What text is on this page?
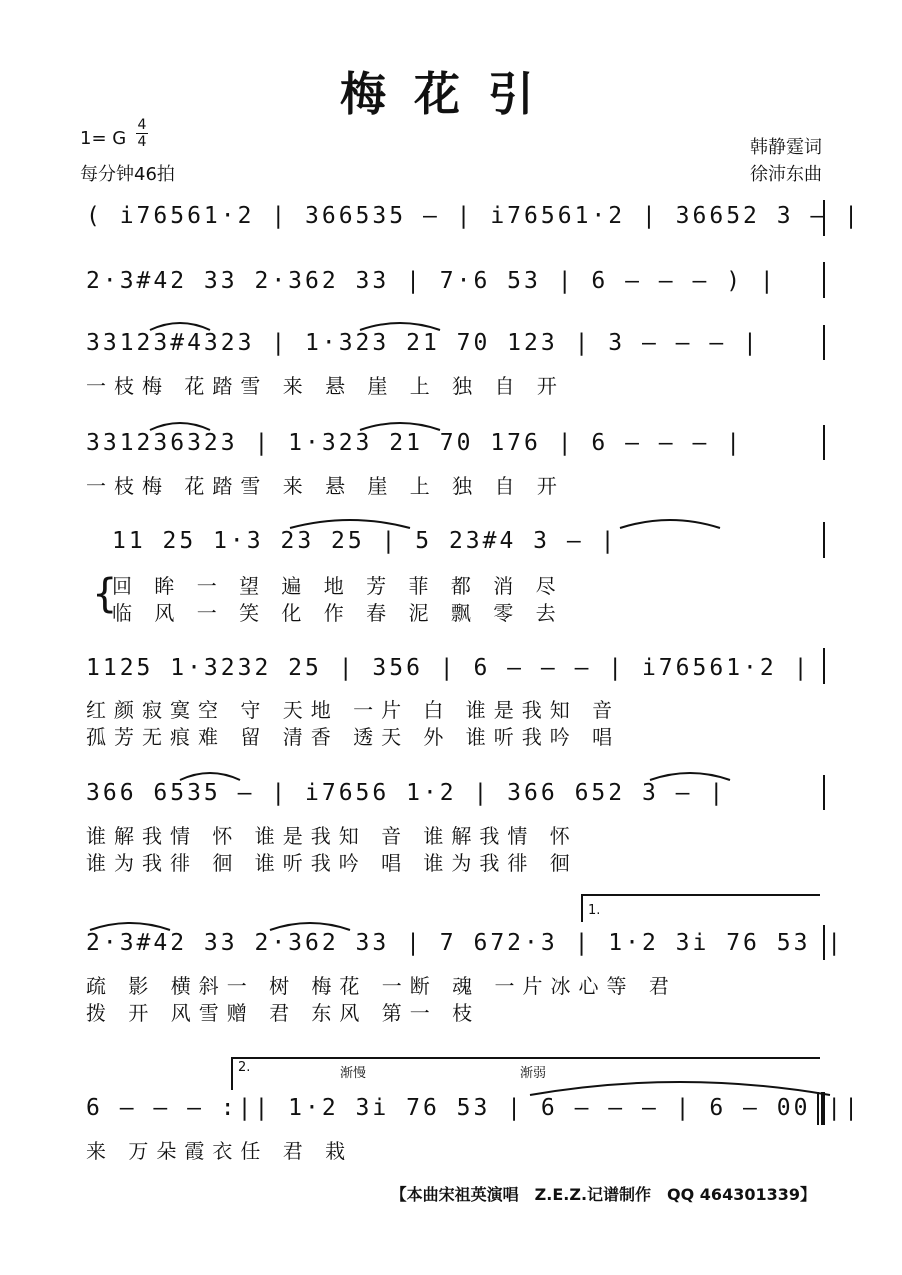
梅花引
1= G
4
4
每分钟46拍
韩静霆词
徐沛东曲
( i76561·2 | 366535 — | i76561·2 | 36652 3 — |
2·3#42 33 2·362 33 | 7·6 53 | 6 — — — ) |
33123#4323 | 1·323 21 70 123 | 3 — — — |
一枝梅 花踏雪 来 悬 崖 上 独 自 开
331236323 | 1·323 21 70 176 | 6 — — — |
一枝梅 花踏雪 来 悬 崖 上 独 自 开
11 25 1·3 23 25 | 5 23#4 3 — |
回 眸 一 望 遍 地 芳 菲 都 消 尽
临 风 一 笑 化 作 春 泥 飘 零 去
{
1125 1·3232 25 | 356 | 6 — — — | i76561·2 |
红颜寂寞空 守 天地 一片 白 谁是我知 音
孤芳无痕难 留 清香 透天 外 谁听我吟 唱
366 6535 — | i7656 1·2 | 366 652 3 — |
谁解我情 怀 谁是我知 音 谁解我情 怀
谁为我徘 徊 谁听我吟 唱 谁为我徘 徊
1.
2·3#42 33 2·362 33 | 7 672·3 | 1·2 3i 76 53 |
疏 影 横斜一 树 梅花 一断 魂 一片冰心等 君
拨 开 风雪赠 君 东风 第一 枝
2.	渐慢	渐弱
6 — — — :|| 1·2 3i 76 53 | 6 — — — | 6 — 00 ||
来 万朵霞衣任 君 栽
【本曲宋祖英演唱　Z.E.Z.记谱制作　QQ 464301339】
